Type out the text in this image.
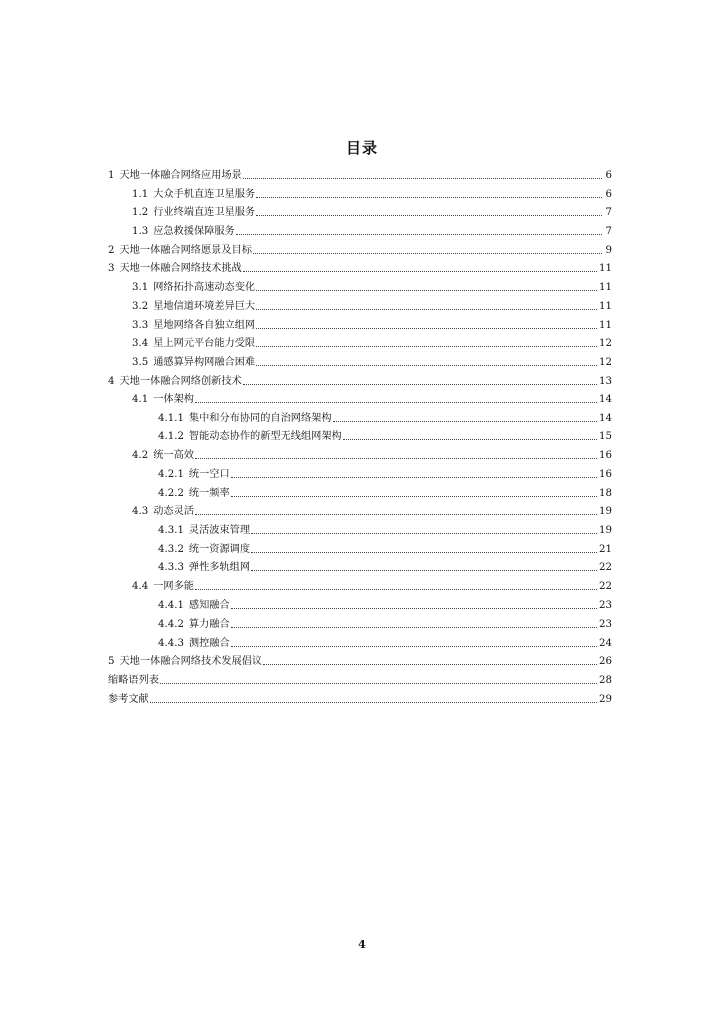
目录
1 天地一体融合网络应用场景	6
1.1 大众手机直连卫星服务	6
1.2 行业终端直连卫星服务	7
1.3 应急救援保障服务	7
2 天地一体融合网络愿景及目标	9
3 天地一体融合网络技术挑战	11
3.1 网络拓扑高速动态变化	11
3.2 星地信道环境差异巨大	11
3.3 星地网络各自独立组网	11
3.4 星上网元平台能力受限	12
3.5 通感算异构网融合困难	12
4 天地一体融合网络创新技术	13
4.1 一体架构	14
4.1.1 集中和分布协同的自治网络架构	14
4.1.2 智能动态协作的新型无线组网架构	15
4.2 统一高效	16
4.2.1 统一空口	16
4.2.2 统一频率	18
4.3 动态灵活	19
4.3.1 灵活波束管理	19
4.3.2 统一资源调度	21
4.3.3 弹性多轨组网	22
4.4 一网多能	22
4.4.1 感知融合	23
4.4.2 算力融合	23
4.4.3 测控融合	24
5 天地一体融合网络技术发展倡议	26
缩略语列表	28
参考文献	29
4
